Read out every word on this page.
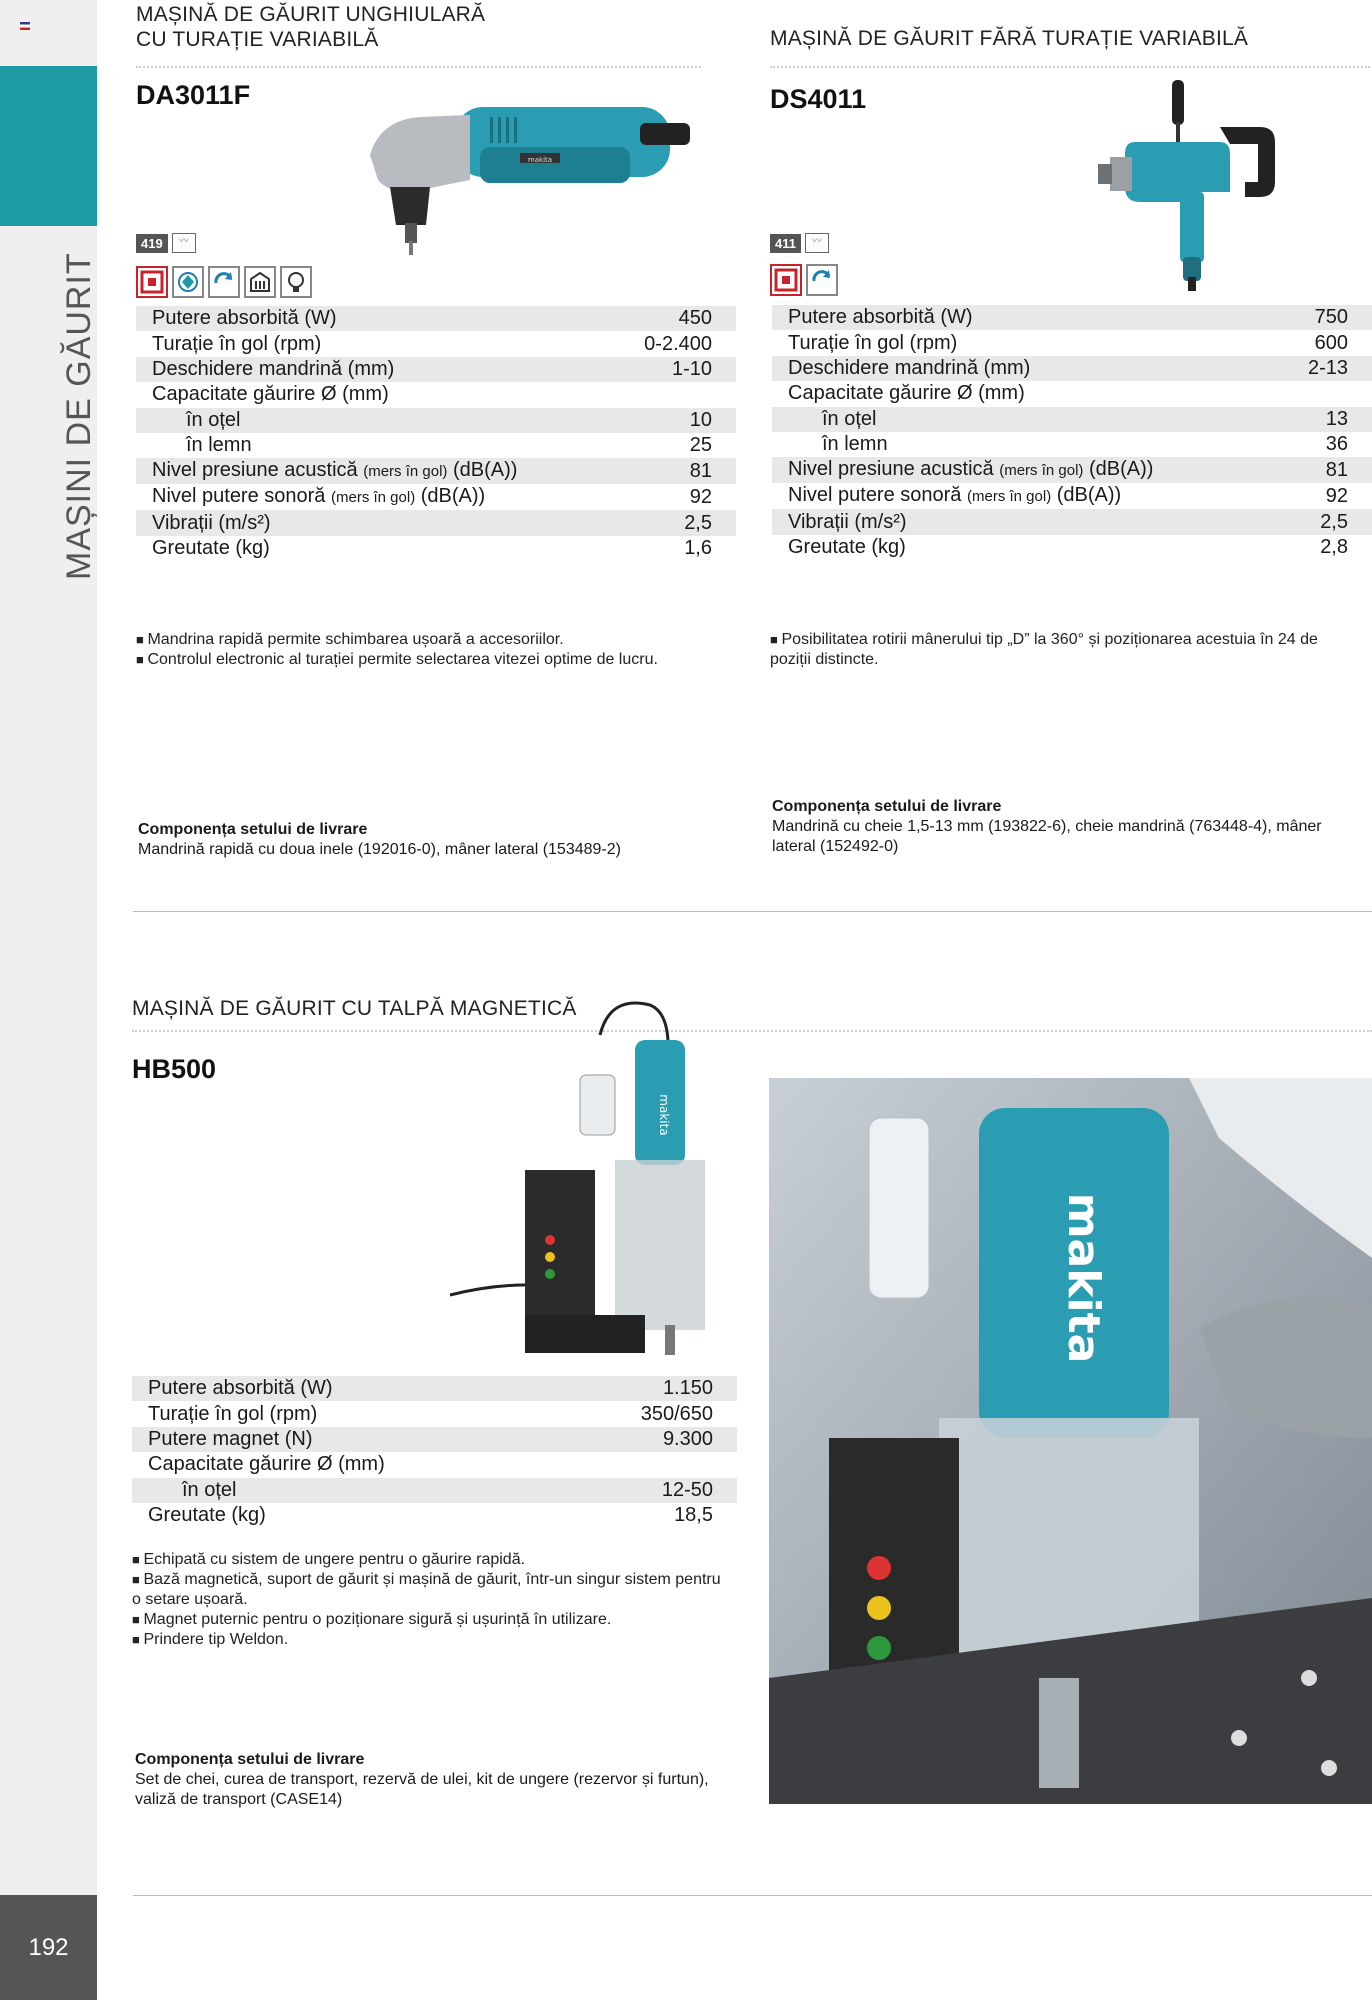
MAȘINI DE GĂURIT
192
MAȘINĂ DE GĂURIT UNGHIULARĂ
CU TURAȚIE VARIABILĂ
DA3011F
makita
419	〰
Putere absorbită (W)	450
Turație în gol (rpm)	0-2.400
Deschidere mandrină (mm)	1-10
Capacitate găurire Ø (mm)	
în oțel	10
în lemn	25
Nivel presiune acustică (mers în gol) (dB(A))	81
Nivel putere sonoră (mers în gol) (dB(A))	92
Vibrații (m/s²)	2,5
Greutate (kg)	1,6

■ Mandrina rapidă permite schimbarea ușoară a accesoriilor.

■ Controlul electronic al turației permite selectarea vitezei optime de lucru.

Componența setului de livrare

Mandrină rapidă cu doua inele (192016-0), mâner lateral (153489-2)

MAȘINĂ DE GĂURIT FĂRĂ TURAȚIE VARIABILĂ
DS4011
411	〰
Putere absorbită (W)	750
Turație în gol (rpm)	600
Deschidere mandrină (mm)	2-13
Capacitate găurire Ø (mm)	
în oțel	13
în lemn	36
Nivel presiune acustică (mers în gol) (dB(A))	81
Nivel putere sonoră (mers în gol) (dB(A))	92
Vibrații (m/s²)	2,5
Greutate (kg)	2,8

■ Posibilitatea rotirii mânerului tip „D” la 360° și poziționarea acestuia în 24 de poziții distincte.

Componența setului de livrare

Mandrină cu cheie 1,5-13 mm (193822-6), cheie mandrină (763448-4), mâner lateral (152492-0)

MAȘINĂ DE GĂURIT CU TALPĂ MAGNETICĂ
HB500
makita
makita
Putere absorbită (W)	1.150
Turație în gol (rpm)	350/650
Putere magnet (N)	9.300
Capacitate găurire Ø (mm)	
în oțel	12-50
Greutate (kg)	18,5

■ Echipată cu sistem de ungere pentru o găurire rapidă.

■ Bază magnetică, suport de găurit și mașină de găurit, într-un singur sistem pentru o setare ușoară.

■ Magnet puternic pentru o poziționare sigură și ușurință în utilizare.

■ Prindere tip Weldon.

Componența setului de livrare

Set de chei, curea de transport, rezervă de ulei, kit de ungere (rezervor și furtun), valiză de transport (CASE14)
